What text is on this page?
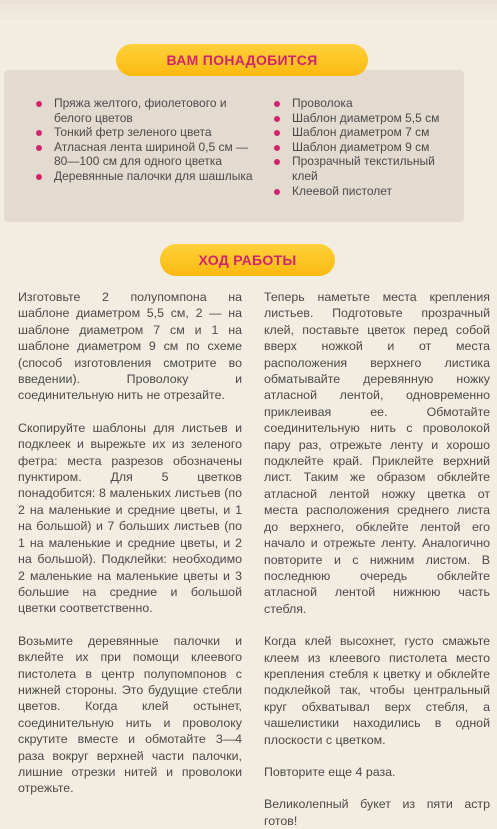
ВАМ ПОНАДОБИТСЯ
Пряжа желтого, фиолетового и белого цветов
Тонкий фетр зеленого цвета
Атласная лента шириной 0,5 см — 80—100 см для одного цветка
Деревянные палочки для шашлыка
Проволока
Шаблон диаметром 5,5 см
Шаблон диаметром 7 см
Шаблон диаметром 9 см
Прозрачный текстильный клей
Клеевой пистолет
ХОД РАБОТЫ

Изготовьте 2 полупомпона на шаблоне диаметром 5,5 см, 2 — на шаблоне диаметром 7 см и 1 на шаблоне диаметром 9 см по схеме (способ изготовления смотрите во введении). Проволоку и соединительную нить не отрезайте.

Скопируйте шаблоны для листьев и подклеек и вырежьте их из зеленого фетра: места разрезов обозначены пунктиром. Для 5 цветков понадобится: 8 маленьких листьев (по 2 на маленькие и средние цветы, и 1 на большой) и 7 больших листьев (по 1 на маленькие и средние цветы, и 2 на большой). Подклейки: необходимо 2 маленькие на маленькие цветы и 3 большие на средние и большой цветки соответственно.

Возьмите деревянные палочки и вклейте их при помощи клеевого пистолета в центр полупомпонов с нижней стороны. Это будущие стебли цветов. Когда клей остынет, соединительную нить и проволоку скрутите вместе и обмотайте 3—4 раза вокруг верхней части палочки, лишние отрезки нитей и проволоки отрежьте.

Теперь наметьте места крепления листьев. Подготовьте прозрачный клей, поставьте цветок перед собой вверх ножкой и от места расположения верхнего листика обматывайте деревянную ножку атласной лентой, одновременно приклеивая ее. Обмотайте соединительную нить с проволокой пару раз, отрежьте ленту и хорошо подклейте край. Приклейте верхний лист. Таким же образом обклейте атласной лентой ножку цветка от места расположения среднего листа до верхнего, обклейте лентой его начало и отрежьте ленту. Аналогично повторите и с нижним листом. В последнюю очередь обклейте атласной лентой нижнюю часть стебля.

Когда клей высохнет, густо смажьте клеем из клеевого пистолета место крепления стебля к цветку и обклейте подклейкой так, чтобы центральный круг обхватывал верх стебля, а чашелистики находились в одной плоскости с цветком.

Повторите еще 4 раза.

Великолепный букет из пяти астр готов!
